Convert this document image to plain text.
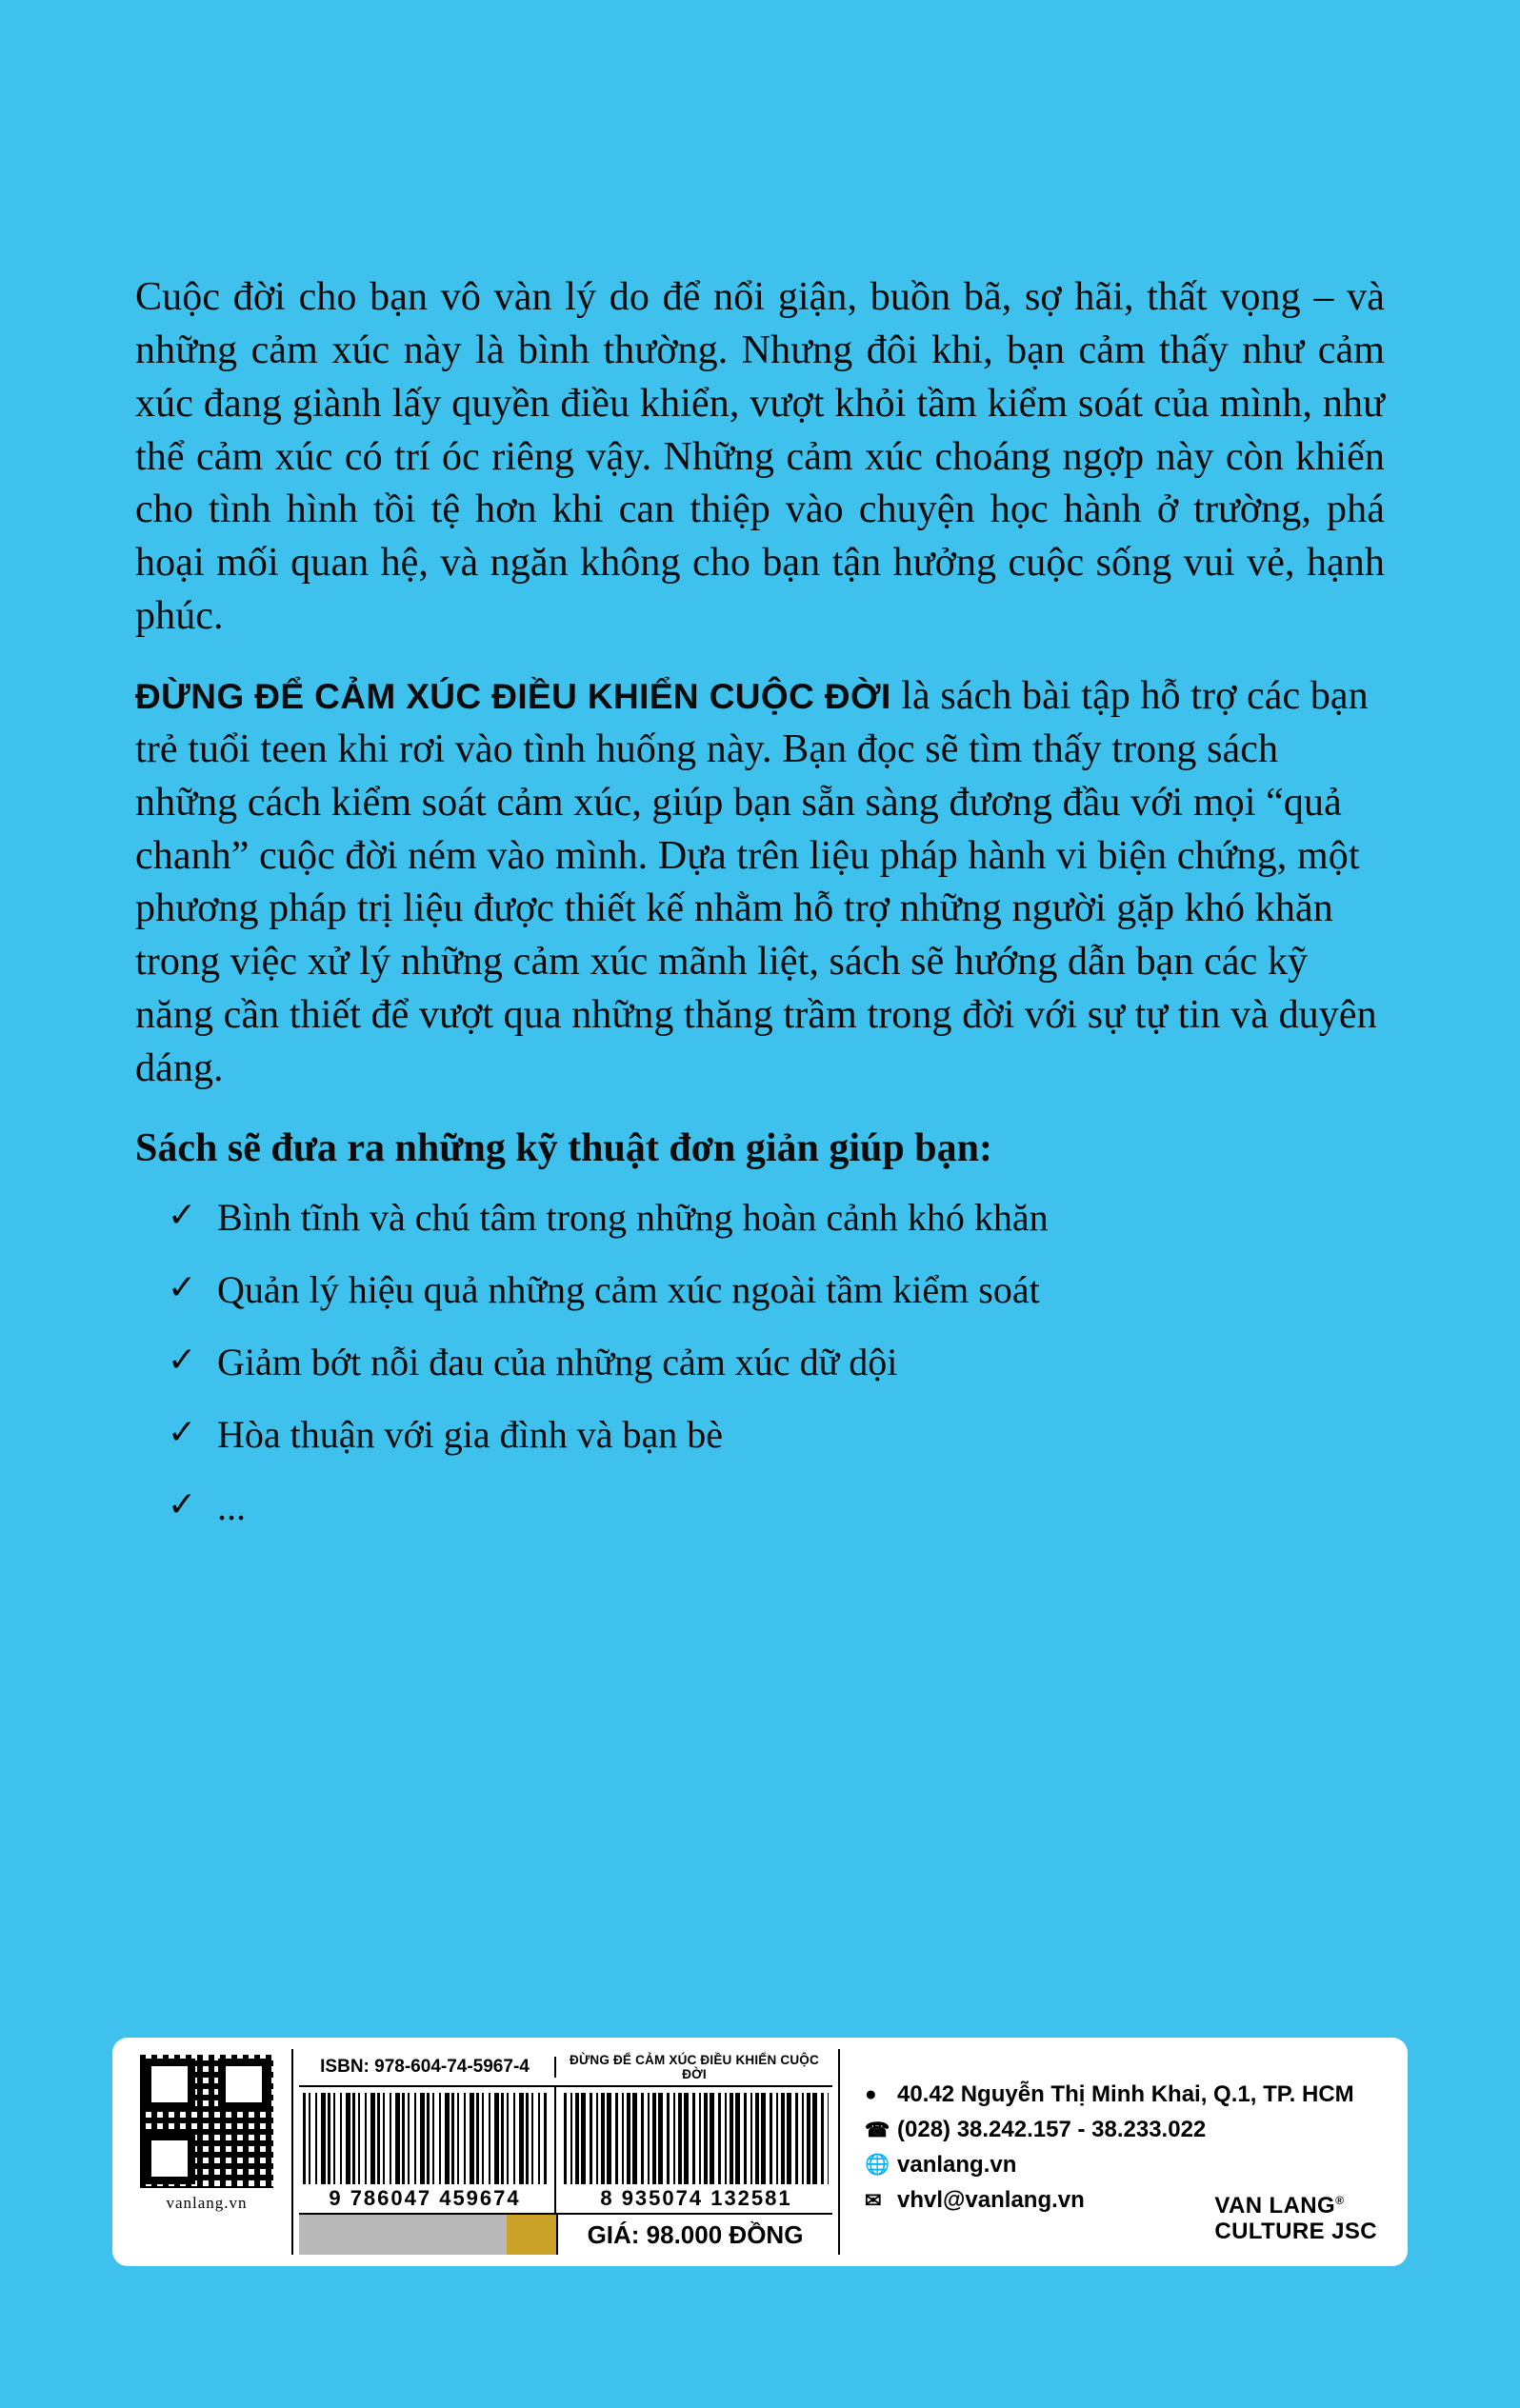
Cuộc đời cho bạn vô vàn lý do để nổi giận, buồn bã, sợ hãi, thất vọng – và những cảm xúc này là bình thường. Nhưng đôi khi, bạn cảm thấy như cảm xúc đang giành lấy quyền điều khiển, vượt khỏi tầm kiểm soát của mình, như thể cảm xúc có trí óc riêng vậy. Những cảm xúc choáng ngợp này còn khiến cho tình hình tồi tệ hơn khi can thiệp vào chuyện học hành ở trường, phá hoại mối quan hệ, và ngăn không cho bạn tận hưởng cuộc sống vui vẻ, hạnh phúc.

ĐỪNG ĐỂ CẢM XÚC ĐIỀU KHIỂN CUỘC ĐỜI là sách bài tập hỗ trợ các bạn trẻ tuổi teen khi rơi vào tình huống này. Bạn đọc sẽ tìm thấy trong sách những cách kiểm soát cảm xúc, giúp bạn sẵn sàng đương đầu với mọi “quả chanh” cuộc đời ném vào mình. Dựa trên liệu pháp hành vi biện chứng, một phương pháp trị liệu được thiết kế nhằm hỗ trợ những người gặp khó khăn trong việc xử lý những cảm xúc mãnh liệt, sách sẽ hướng dẫn bạn các kỹ năng cần thiết để vượt qua những thăng trầm trong đời với sự tự tin và duyên dáng.

Sách sẽ đưa ra những kỹ thuật đơn giản giúp bạn:

✓ Bình tĩnh và chú tâm trong những hoàn cảnh khó khăn
✓ Quản lý hiệu quả những cảm xúc ngoài tầm kiểm soát
✓ Giảm bớt nỗi đau của những cảm xúc dữ dội
✓ Hòa thuận với gia đình và bạn bè
✓ ...
vanlang.vn
ISBN: 978-604-74-5967-4	ĐỪNG ĐỂ CẢM XÚC ĐIỀU KHIỂN CUỘC ĐỜI
9 786047 459674	8 935074 132581
GIÁ: 98.000 ĐỒNG
● 40.42 Nguyễn Thị Minh Khai, Q.1, TP. HCM
☎ (028) 38.242.157 - 38.233.022
🌐 vanlang.vn
✉ vhvl@vanlang.vn	VAN LANG®
CULTURE JSC
